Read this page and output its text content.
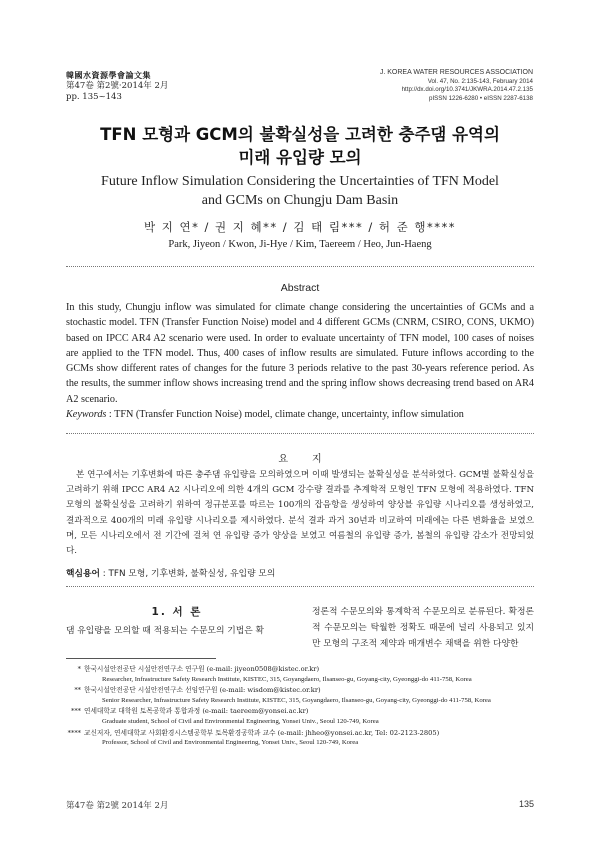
韓國水資源學會論文集
第47卷 第2號·2014年 2月
pp. 135~143
J. KOREA WATER RESOURCES ASSOCIATION
Vol. 47, No. 2:135-143, February 2014
http://dx.doi.org/10.3741/JKWRA.2014.47.2.135
pISSN 1226-6280 • eISSN 2287-6138
TFN 모형과 GCM의 불확실성을 고려한 충주댐 유역의
미래 유입량 모의
Future Inflow Simulation Considering the Uncertainties of TFN Model
and GCMs on Chungju Dam Basin
박 지 연* / 권 지 혜** / 김 태 림*** / 허 준 행****
Park, Jiyeon / Kwon, Ji-Hye / Kim, Taereem / Heo, Jun-Haeng
Abstract
In this study, Chungju inflow was simulated for climate change considering the uncertainties of GCMs and a stochastic model. TFN (Transfer Function Noise) model and 4 different GCMs (CNRM, CSIRO, CONS, UKMO) based on IPCC AR4 A2 scenario were used. In order to evaluate uncertainty of TFN model, 100 cases of noises are applied to the TFN model. Thus, 400 cases of inflow results are simulated. Future inflows according to the GCMs show different rates of changes for the future 3 periods relative to the past 30-years reference period. As the results, the summer inflow shows increasing trend and the spring inflow shows decreasing trend based on AR4 A2 scenario.
Keywords : TFN (Transfer Function Noise) model, climate change, uncertainty, inflow simulation
요지
본 연구에서는 기후변화에 따른 충주댐 유입량을 모의하였으며 이때 발생되는 불확실성을 분석하였다. GCM별 불확실성을 고려하기 위해 IPCC AR4 A2 시나리오에 의한 4개의 GCM 강수량 결과를 추계학적 모형인 TFN 모형에 적용하였다. TFN 모형의 불확실성을 고려하기 위하여 정규분포를 따르는 100개의 잡음항을 생성하여 양상블 유입량 시나리오를 생성하였고, 결과적으로 400개의 미래 유입량 시나리오를 제시하였다. 분석 결과 과거 30년과 비교하여 미래에는 다른 변화율을 보였으며, 모든 시나리오에서 전 기간에 걸쳐 연 유입량 증가 양상을 보였고 여름철의 유입량 증가, 봄철의 유입량 감소가 전망되었다.
핵심용어 : TFN 모형, 기후변화, 불확실성, 유입량 모의
1. 서 론
댐 유입량을 모의할 때 적용되는 수문모의 기법은 확
정론적 수문모의와 통계학적 수문모의로 분류된다. 확정론적 수문모의는 탁월한 정확도 때문에 널리 사용되고 있지만 모형의 구조적 제약과 매개변수 채택을 위한 다양한
* 한국시설안전공단 시설안전연구소 연구원 (e-mail: jiyeon0508@kistec.or.kr)
Researcher, Infrastructure Safety Research Institute, KISTEC, 315, Goyangdaero, Ilsanseo-gu, Goyang-city, Gyeonggi-do 411-758, Korea
** 한국시설안전공단 시설안전연구소 선임연구원 (e-mail: wisdom@kistec.or.kr)
Senior Researcher, Infrastructure Safety Research Institute, KISTEC, 315, Goyangdaero, Ilsanseo-gu, Goyang-city, Gyeonggi-do 411-758, Korea
*** 연세대학교 대학원 토목공학과 통합과정 (e-mail: taereem@yonsei.ac.kr)
Graduate student, School of Civil and Environmental Engineering, Yonsei Univ., Seoul 120-749, Korea
**** 교신저자, 연세대학교 사회환경시스템공학부 토목환경공학과 교수 (e-mail: jhheo@yonsei.ac.kr, Tel: 02-2123-2805)
Professor, School of Civil and Environmental Engineering, Yonsei Univ., Seoul 120-749, Korea
第47卷 第2號 2014年 2月	135
